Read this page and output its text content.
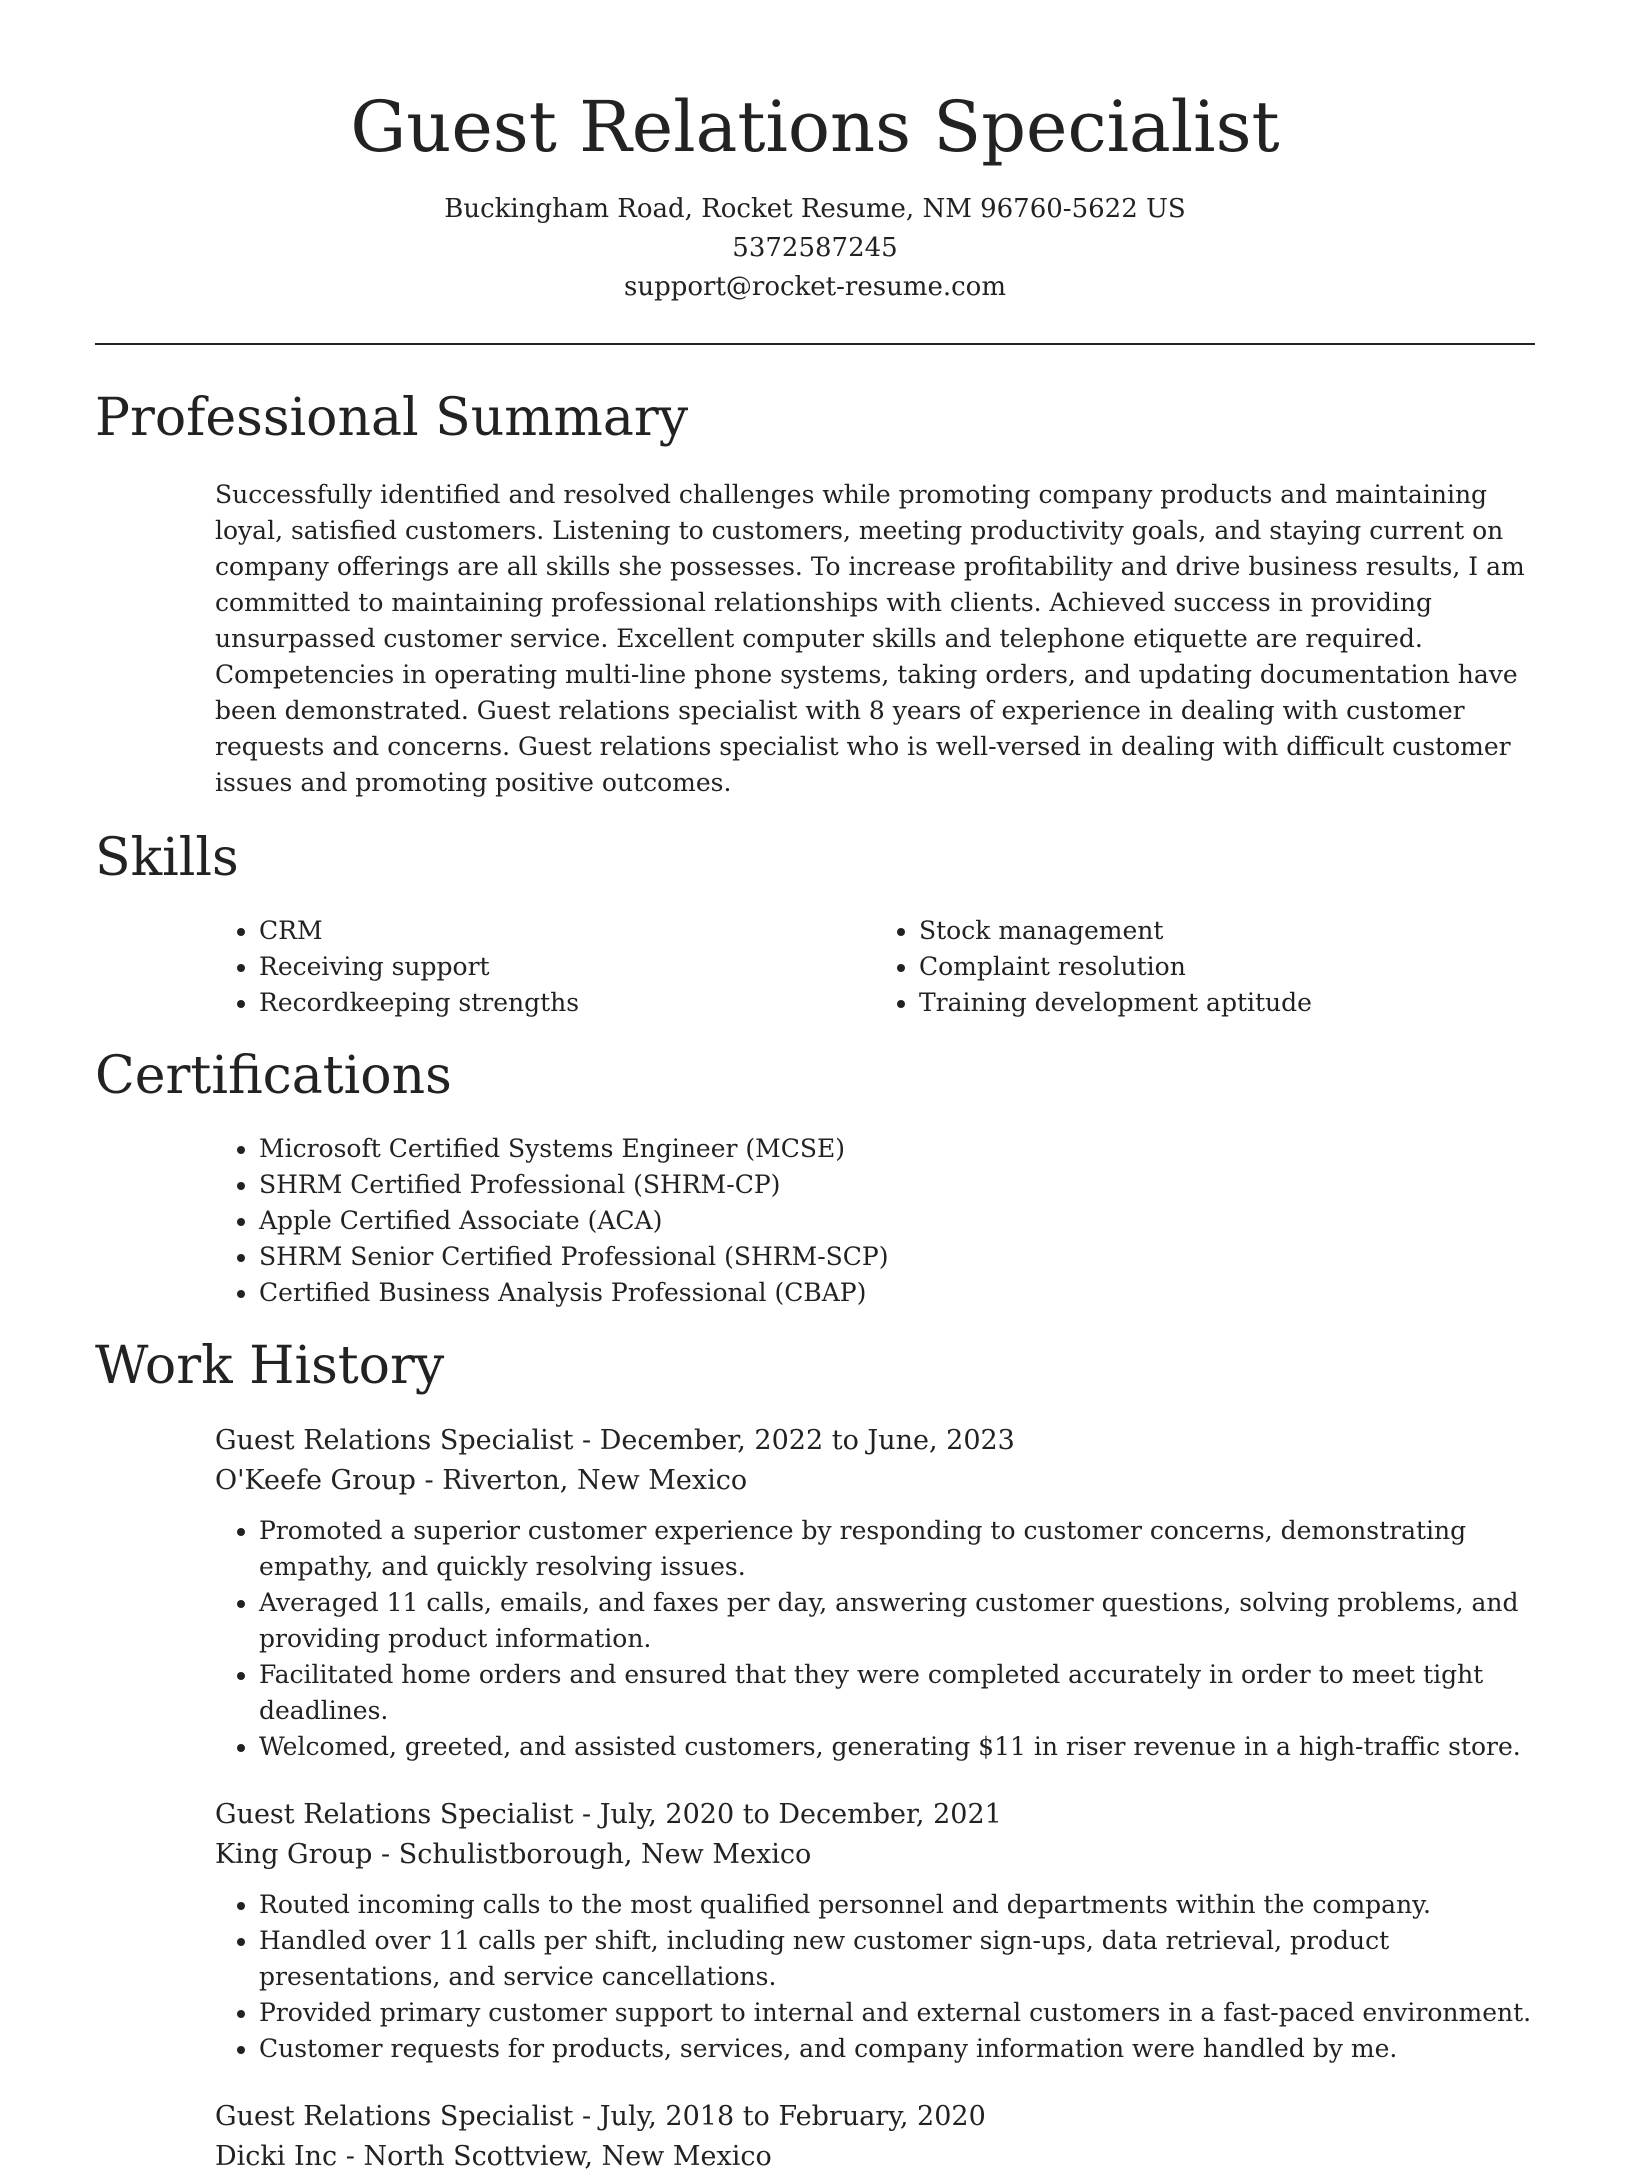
Guest Relations Specialist
Buckingham Road, Rocket Resume, NM 96760-5622 US
5372587245
support@rocket-resume.com
Professional Summary

Successfully identified and resolved challenges while promoting company products and maintaining loyal, satisfied customers. Listening to customers, meeting productivity goals, and staying current on company offerings are all skills she possesses. To increase profitability and drive business results, I am committed to maintaining professional relationships with clients. Achieved success in providing unsurpassed customer service. Excellent computer skills and telephone etiquette are required. Competencies in operating multi-line phone systems, taking orders, and updating documentation have been demonstrated. Guest relations specialist with 8 years of experience in dealing with customer requests and concerns. Guest relations specialist who is well-versed in dealing with difficult customer issues and promoting positive outcomes.

Skills
• CRM
• Receiving support
• Recordkeeping strengths
• Stock management
• Complaint resolution
• Training development aptitude
Certifications
• Microsoft Certified Systems Engineer (MCSE)
• SHRM Certified Professional (SHRM-CP)
• Apple Certified Associate (ACA)
• SHRM Senior Certified Professional (SHRM-SCP)
• Certified Business Analysis Professional (CBAP)
Work History
Guest Relations Specialist - December, 2022 to June, 2023
O'Keefe Group - Riverton, New Mexico
• Promoted a superior customer experience by responding to customer concerns, demonstrating empathy, and quickly resolving issues.
• Averaged 11 calls, emails, and faxes per day, answering customer questions, solving problems, and providing product information.
• Facilitated home orders and ensured that they were completed accurately in order to meet tight deadlines.
• Welcomed, greeted, and assisted customers, generating $11 in riser revenue in a high-traffic store.
Guest Relations Specialist - July, 2020 to December, 2021
King Group - Schulistborough, New Mexico
• Routed incoming calls to the most qualified personnel and departments within the company.
• Handled over 11 calls per shift, including new customer sign-ups, data retrieval, product presentations, and service cancellations.
• Provided primary customer support to internal and external customers in a fast-paced environment.
• Customer requests for products, services, and company information were handled by me.
Guest Relations Specialist - July, 2018 to February, 2020
Dicki Inc - North Scottview, New Mexico
